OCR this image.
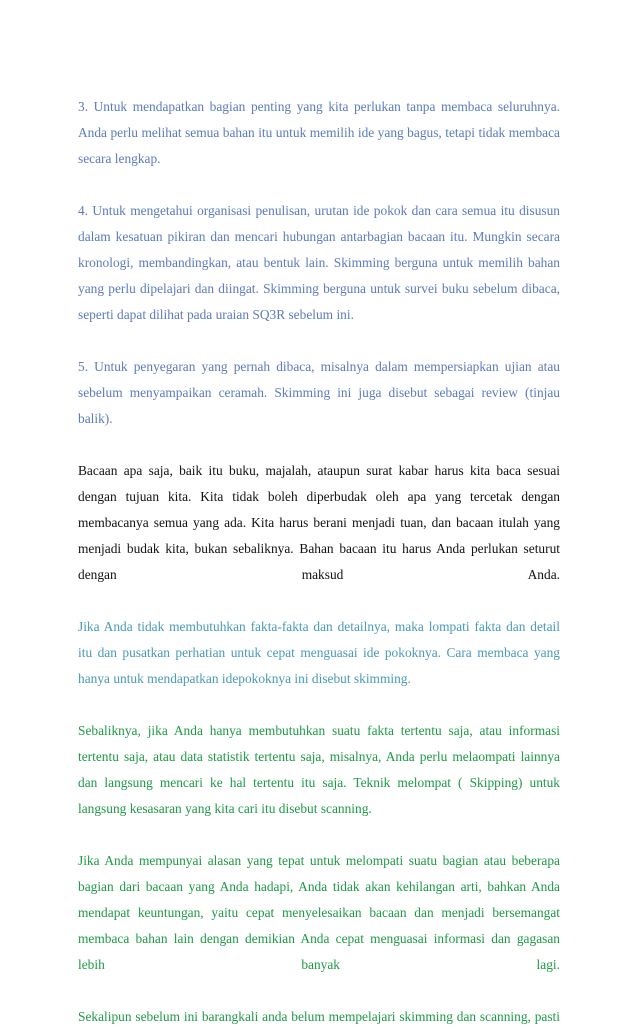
3. Untuk mendapatkan bagian penting yang kita perlukan tanpa membaca seluruhnya. Anda perlu melihat semua bahan itu untuk memilih ide yang bagus, tetapi tidak membaca secara lengkap.

4. Untuk mengetahui organisasi penulisan, urutan ide pokok dan cara semua itu disusun dalam kesatuan pikiran dan mencari hubungan antarbagian bacaan itu. Mungkin secara kronologi, membandingkan, atau bentuk lain. Skimming berguna untuk memilih bahan yang perlu dipelajari dan diingat. Skimming berguna untuk survei buku sebelum dibaca, seperti dapat dilihat pada uraian SQ3R sebelum ini.

5. Untuk penyegaran yang pernah dibaca, misalnya dalam mempersiapkan ujian atau sebelum menyampaikan ceramah. Skimming ini juga disebut sebagai review (tinjau balik).

Bacaan apa saja, baik itu buku, majalah, ataupun surat kabar harus kita baca sesuai dengan tujuan kita. Kita tidak boleh diperbudak oleh apa yang tercetak dengan membacanya semua yang ada. Kita harus berani menjadi tuan, dan bacaan itulah yang menjadi budak kita, bukan sebaliknya. Bahan bacaan itu harus Anda perlukan seturut dengan maksud Anda.

Jika Anda tidak membutuhkan fakta-fakta dan detailnya, maka lompati fakta dan detail itu dan pusatkan perhatian untuk cepat menguasai ide pokoknya. Cara membaca yang hanya untuk mendapatkan idepokoknya ini disebut skimming.

Sebaliknya, jika Anda hanya membutuhkan suatu fakta tertentu saja, atau informasi tertentu saja, atau data statistik tertentu saja, misalnya, Anda perlu melaompati lainnya dan langsung mencari ke hal tertentu itu saja. Teknik melompat ( Skipping) untuk langsung kesasaran yang kita cari itu disebut scanning.

Jika Anda mempunyai alasan yang tepat untuk melompati suatu bagian atau beberapa bagian dari bacaan yang Anda hadapi, Anda tidak akan kehilangan arti, bahkan Anda mendapat keuntungan, yaitu cepat menyelesaikan bacaan dan menjadi bersemangat membaca bahan lain dengan demikian Anda cepat menguasai informasi dan gagasan lebih banyak lagi.

Sekalipun sebelum ini barangkali anda belum mempelajari skimming dan scanning, pasti
